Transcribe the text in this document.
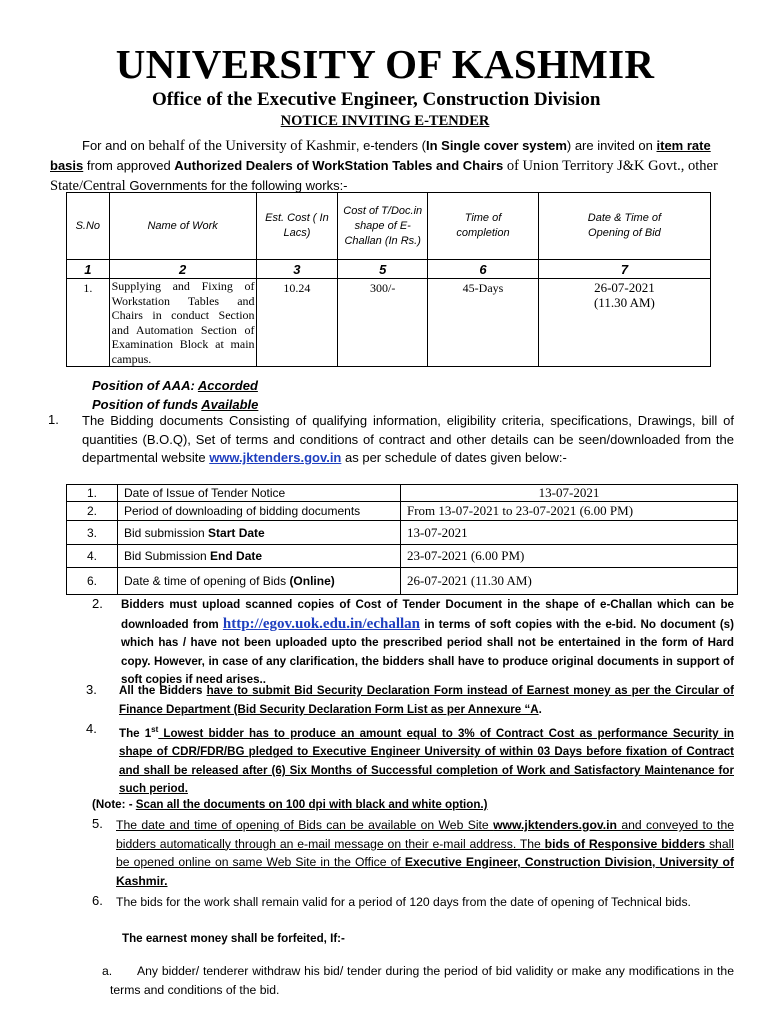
UNIVERSITY OF KASHMIR
Office of the Executive Engineer, Construction Division
NOTICE INVITING E-TENDER
For and on behalf of the University of Kashmir, e-tenders (In Single cover system) are invited on item rate basis from approved Authorized Dealers of WorkStation Tables and Chairs of Union Territory J&K Govt., other State/Central Governments for the following works:-
S.No	Name of Work	Est. Cost ( In Lacs)	Cost of T/Doc.in shape of E-Challan (In Rs.)	Time of completion	Date & Time of Opening of Bid
1	2	3	5	6	7
1.	Supplying and Fixing of Workstation Tables and Chairs in conduct Section and Automation Section of Examination Block at main campus.	10.24	300/-	45-Days	26-07-2021
(11.30 AM)
Position of AAA: Accorded
Position of funds Available
1. The Bidding documents Consisting of qualifying information, eligibility criteria, specifications, Drawings, bill of quantities (B.O.Q), Set of terms and conditions of contract and other details can be seen/downloaded from the departmental website www.jktenders.gov.in as per schedule of dates given below:-
1.	Date of Issue of Tender Notice	13-07-2021
2.	Period of downloading of bidding documents	From 13-07-2021 to 23-07-2021 (6.00 PM)
3.	Bid submission Start Date	13-07-2021
4.	Bid Submission End Date	23-07-2021 (6.00 PM)
6.	Date & time of opening of Bids (Online)	26-07-2021 (11.30 AM)
2. Bidders must upload scanned copies of Cost of Tender Document in the shape of e-Challan which can be downloaded from http://egov.uok.edu.in/echallan in terms of soft copies with the e-bid. No document (s) which has / have not been uploaded upto the prescribed period shall not be entertained in the form of Hard copy. However, in case of any clarification, the bidders shall have to produce original documents in support of soft copies if need arises..
3. All the Bidders have to submit Bid Security Declaration Form instead of Earnest money as per the Circular of Finance Department (Bid Security Declaration Form List as per Annexure “A.
4. The 1st Lowest bidder has to produce an amount equal to 3% of Contract Cost as performance Security in shape of CDR/FDR/BG pledged to Executive Engineer University of within 03 Days before fixation of Contract and shall be released after (6) Six Months of Successful completion of Work and Satisfactory Maintenance for such period.
(Note: - Scan all the documents on 100 dpi with black and white option.)
5. The date and time of opening of Bids can be available on Web Site www.jktenders.gov.in and conveyed to the bidders automatically through an e-mail message on their e-mail address. The bids of Responsive bidders shall be opened online on same Web Site in the Office of Executive Engineer, Construction Division, University of Kashmir.
6. The bids for the work shall remain valid for a period of 120 days from the date of opening of Technical bids.
The earnest money shall be forfeited, If:-
a. Any bidder/ tenderer withdraw his bid/ tender during the period of bid validity or make any modifications in the terms and conditions of the bid.
